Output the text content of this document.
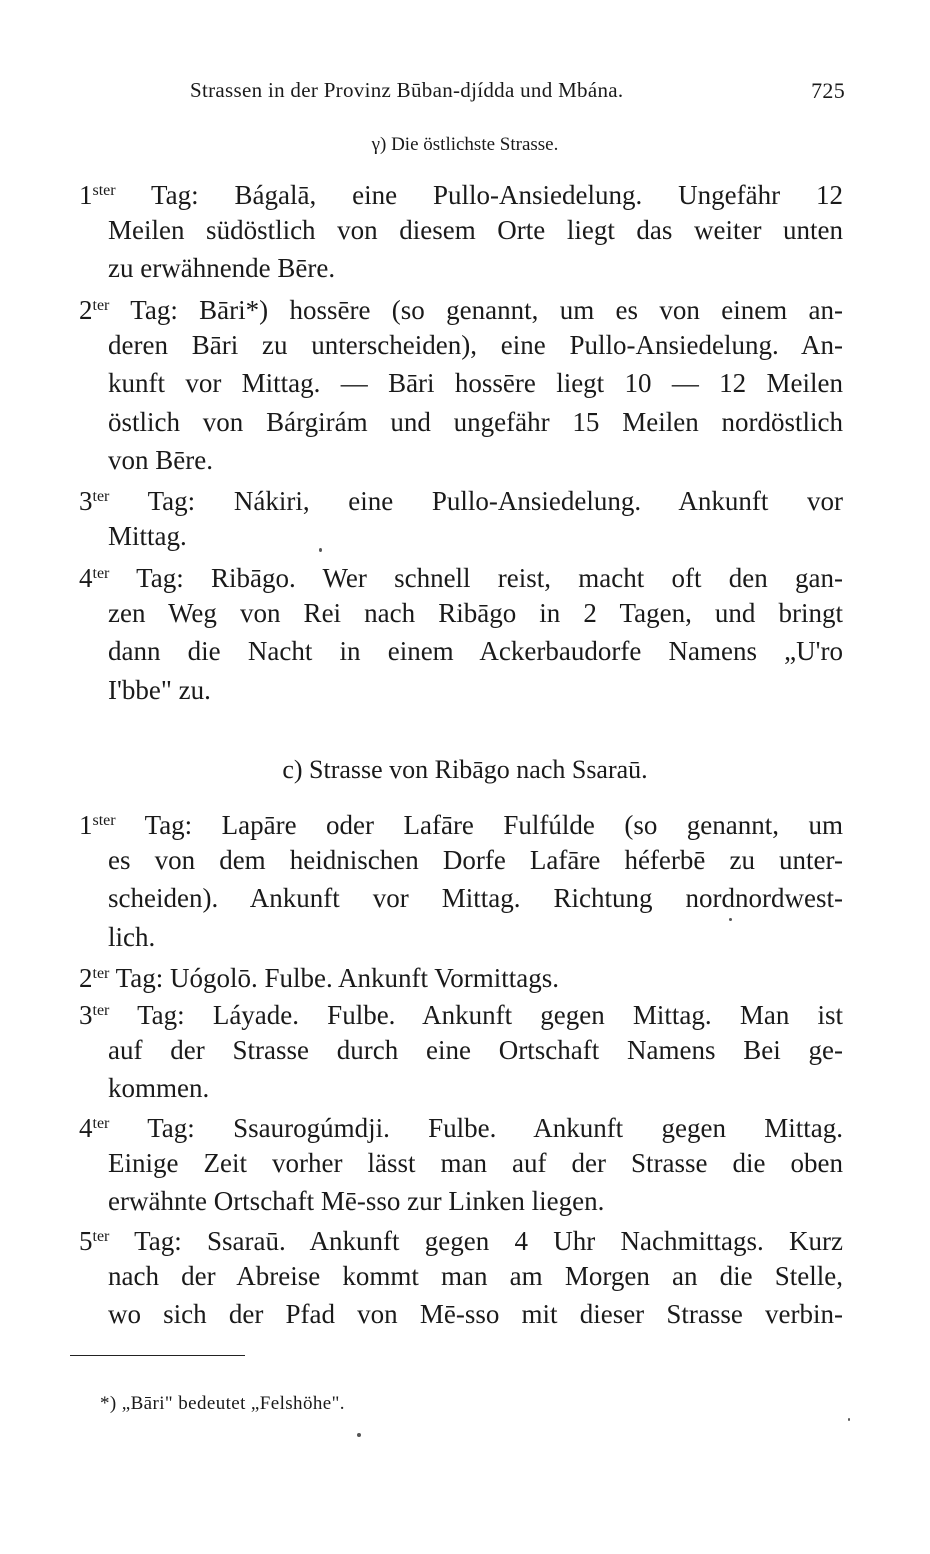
Strassen in der Provinz Būban-djídda und Mbána.	725
γ) Die östlichste Strasse.
$1^{ster}$ Tag: Bágalā, eine Pullo-Ansiedelung. Ungefähr 12
Meilen südöstlich von diesem Orte liegt das weiter unten
zu erwähnende Bēre.
$2^{ter}$ Tag: Bāri*) hossēre (so genannt, um es von einem an-
deren Bāri zu unterscheiden), eine Pullo-Ansiedelung. An-
kunft vor Mittag. — Bāri hossēre liegt 10 — 12 Meilen
östlich von Bárgirám und ungefähr 15 Meilen nordöstlich
von Bēre.
$3^{ter}$ Tag: Nákiri, eine Pullo-Ansiedelung. Ankunft vor
Mittag.
$4^{ter}$ Tag: Ribāgo. Wer schnell reist, macht oft den gan-
zen Weg von Rei nach Ribāgo in 2 Tagen, und bringt
dann die Nacht in einem Ackerbaudorfe Namens „U'ro
I'bbe" zu.
c) Strasse von Ribāgo nach Ssaraū.
$1^{ster}$ Tag: Lapāre oder Lafāre Fulfúlde (so genannt, um
es von dem heidnischen Dorfe Lafāre héferbē zu unter-
scheiden). Ankunft vor Mittag. Richtung nordnordwest-
lich.
$2^{ter}$ Tag: Uógolō. Fulbe. Ankunft Vormittags.
$3^{ter}$ Tag: Láyade. Fulbe. Ankunft gegen Mittag. Man ist
auf der Strasse durch eine Ortschaft Namens Bei ge-
kommen.
$4^{ter}$ Tag: Ssaurogúmdji. Fulbe. Ankunft gegen Mittag.
Einige Zeit vorher lässt man auf der Strasse die oben
erwähnte Ortschaft Mē-sso zur Linken liegen.
$5^{ter}$ Tag: Ssaraū. Ankunft gegen 4 Uhr Nachmittags. Kurz
nach der Abreise kommt man am Morgen an die Stelle,
wo sich der Pfad von Mē-sso mit dieser Strasse verbin-
*) „Bāri" bedeutet „Felshöhe".
